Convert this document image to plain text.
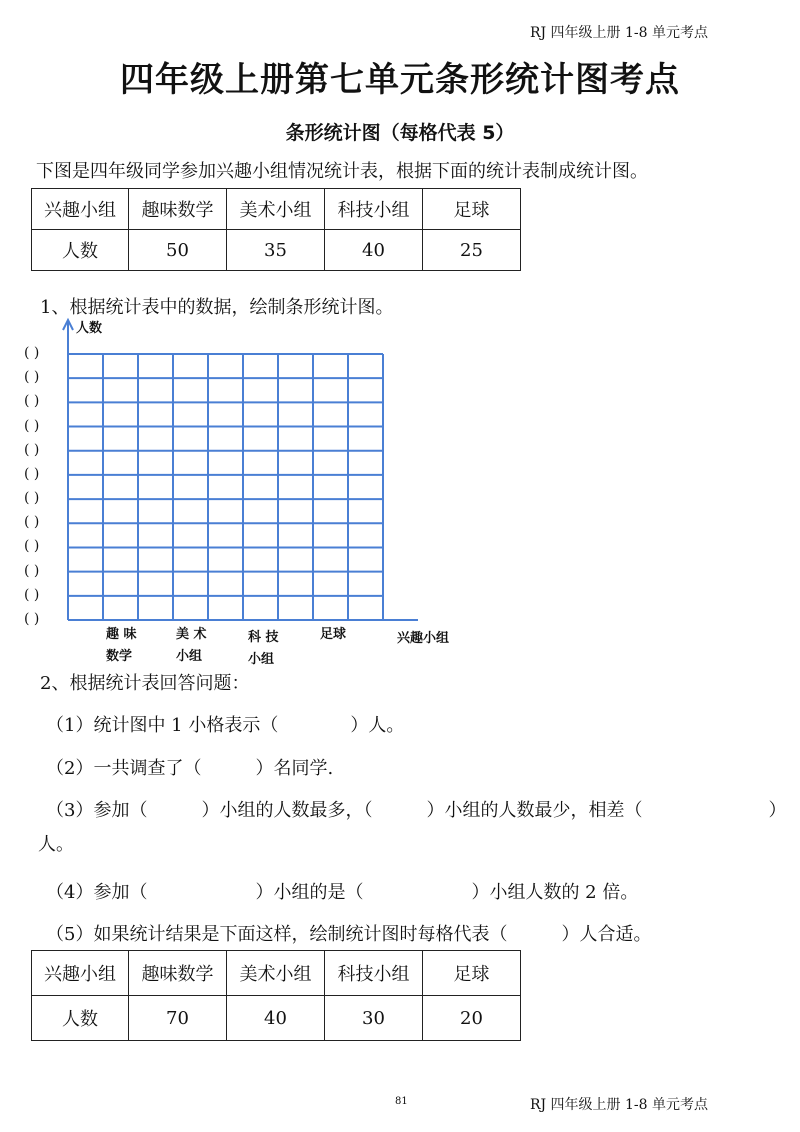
RJ 四年级上册 1-8 单元考点
四年级上册第七单元条形统计图考点
条形统计图（每格代表 5）
下图是四年级同学参加兴趣小组情况统计表，根据下面的统计表制成统计图。
兴趣小组	趣味数学	美术小组	科技小组	足球
人数	50	35	40	25
1、根据统计表中的数据，绘制条形统计图。
人数
( )
( )
( )
( )
( )
( )
( )
( )
( )
( )
( )
( )
趣 味
数学
美 术
小组
科 技
小组
足球	兴趣小组
2、根据统计表回答问题：
（1）统计图中 1 小格表示（　　　　）人。
（2）一共调查了（　　　）名同学.
（3）参加（　　　）小组的人数最多，（　　　）小组的人数最少，相差（　　　　　　　）
人。
（4）参加（　　　　　　）小组的是（　　　　　　）小组人数的 2 倍。
（5）如果统计结果是下面这样，绘制统计图时每格代表（　　　）人合适。
兴趣小组	趣味数学	美术小组	科技小组	足球
人数	70	40	30	20
81	RJ 四年级上册 1-8 单元考点
